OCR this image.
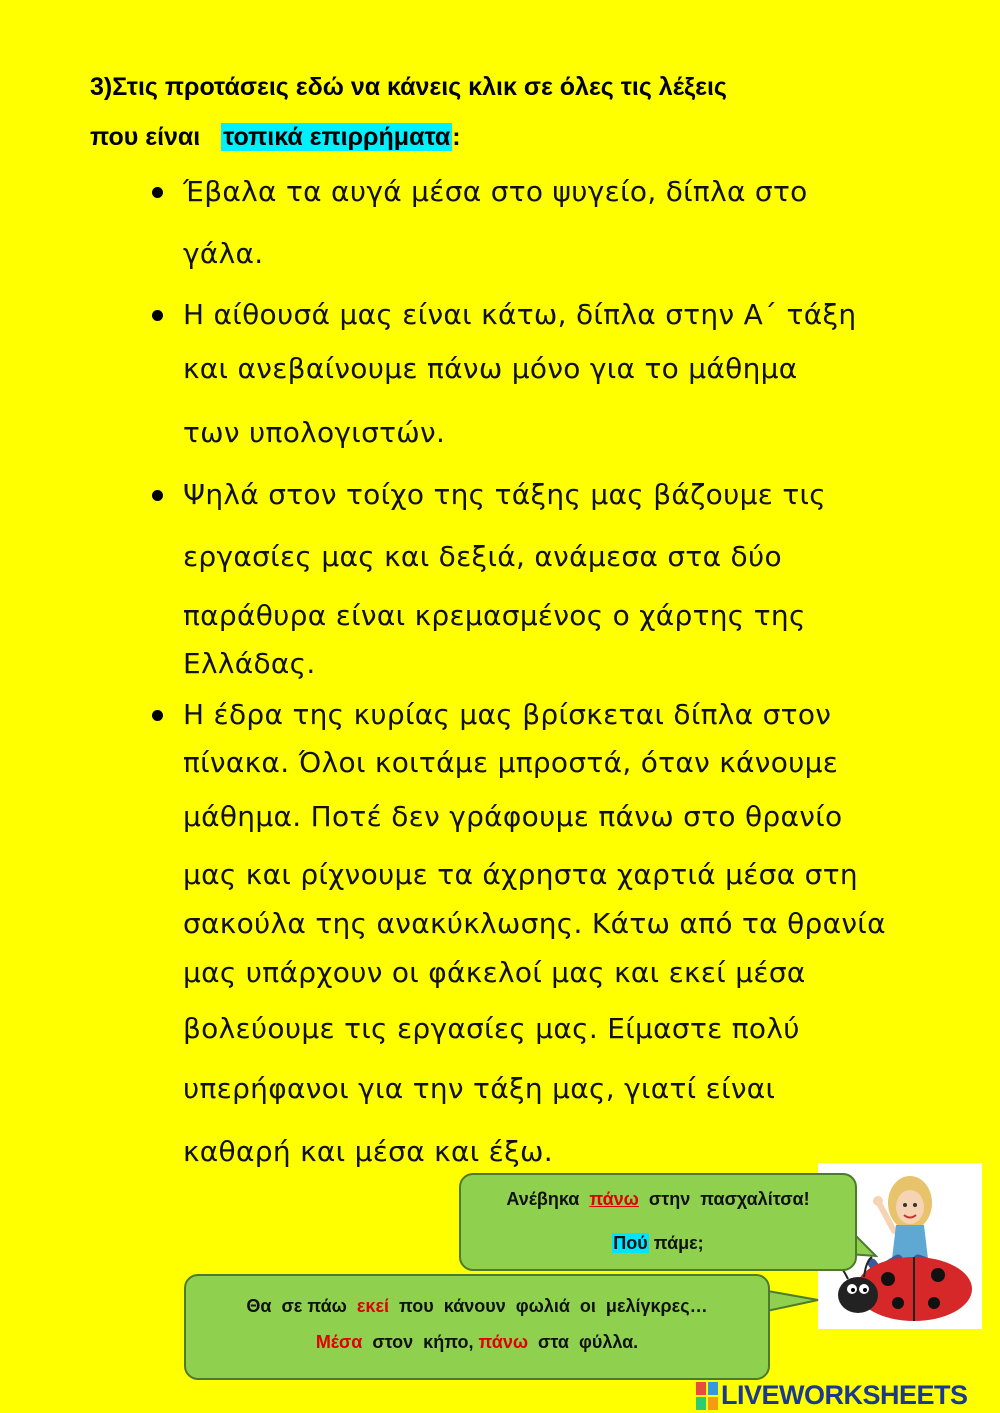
3)Στις προτάσεις εδώ να κάνεις κλικ σε όλες τις λέξεις
που είναι   τοπικά επιρρήματα:
Έβαλα τα αυγά μέσα στο ψυγείο, δίπλα στο
γάλα.
Η αίθουσά μας είναι κάτω, δίπλα στην Α΄ τάξη
και ανεβαίνουμε πάνω μόνο για το μάθημα
των υπολογιστών.
Ψηλά στον τοίχο της τάξης μας βάζουμε τις
εργασίες μας και δεξιά, ανάμεσα στα δύο
παράθυρα είναι κρεμασμένος ο χάρτης της
Ελλάδας.
Η έδρα της κυρίας μας βρίσκεται δίπλα στον
πίνακα. Όλοι κοιτάμε μπροστά, όταν κάνουμε
μάθημα. Ποτέ δεν γράφουμε πάνω στο θρανίο
μας και ρίχνουμε τα άχρηστα χαρτιά μέσα στη
σακούλα της ανακύκλωσης. Κάτω από τα θρανία
μας υπάρχουν οι φάκελοί μας και εκεί μέσα
βολεύουμε τις εργασίες μας. Είμαστε πολύ
υπερήφανοι για την τάξη μας, γιατί είναι
καθαρή και μέσα και έξω.
Ανέβηκα  πάνω  στην  πασχαλίτσα!
Πού πάμε;
Θα  σε πάω  εκεί  που  κάνουν  φωλιά  οι  μελίγκρες…
Μέσα  στον  κήπο, πάνω  στα  φύλλα.
LIVEWORKSHEETS
